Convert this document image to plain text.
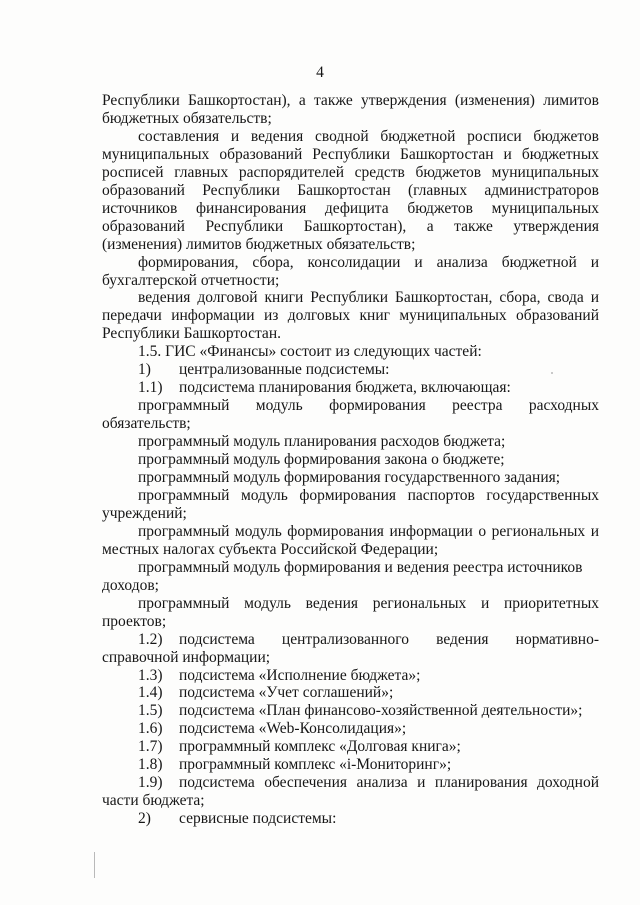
4

Республики Башкортостан), а также утверждения (изменения) лимитов бюджетных обязательств;

составления и ведения сводной бюджетной росписи бюджетов муниципальных образований Республики Башкортостан и бюджетных росписей главных распорядителей средств бюджетов муниципальных образований Республики Башкортостан (главных администраторов источников финансирования дефицита бюджетов муниципальных образований Республики Башкортостан), а также утверждения (изменения) лимитов бюджетных обязательств;

формирования, сбора, консолидации и анализа бюджетной и бухгалтерской отчетности;

ведения долговой книги Республики Башкортостан, сбора, свода и передачи информации из долговых книг муниципальных образований Республики Башкортостан.

1.5. ГИС «Финансы» состоит из следующих частей:

1) централизованные подсистемы:

1.1) подсистема планирования бюджета, включающая:

программный модуль формирования реестра расходных обязательств;

программный модуль планирования расходов бюджета;

программный модуль формирования закона о бюджете;

программный модуль формирования государственного задания;

программный модуль формирования паспортов государственных учреждений;

программный модуль формирования информации о региональных и местных налогах субъекта Российской Федерации;

программный модуль формирования и ведения реестра источников доходов;

программный модуль ведения региональных и приоритетных проектов;

1.2) подсистема централизованного ведения нормативно-справочной информации;

1.3) подсистема «Исполнение бюджета»;

1.4) подсистема «Учет соглашений»;

1.5) подсистема «План финансово-хозяйственной деятельности»;

1.6) подсистема «Web-Консолидация»;

1.7) программный комплекс «Долговая книга»;

1.8) программный комплекс «i-Мониторинг»;

1.9) подсистема обеспечения анализа и планирования доходной части бюджета;

2) сервисные подсистемы:
